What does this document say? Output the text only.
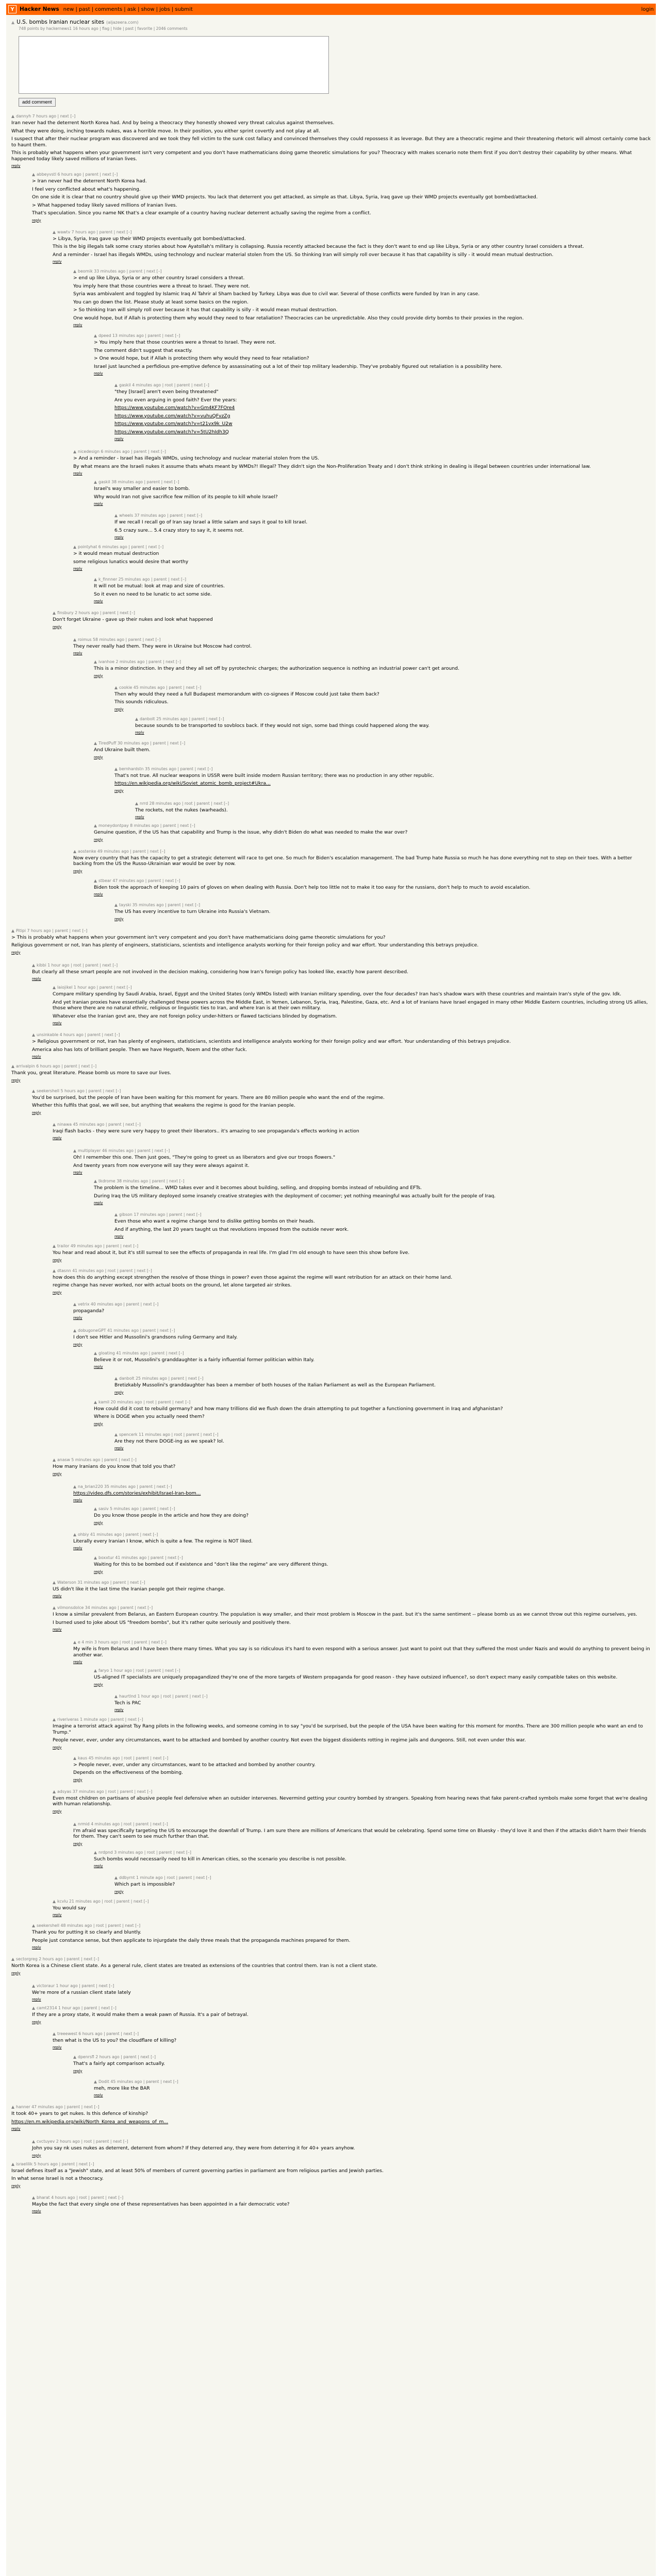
Y Hacker News new | past | comments | ask | show | jobs | submit	login
▲ U.S. bombs Iranian nuclear sites (aljazeera.com)
748 points by hackernews1 16 hours ago | flag | hide | past | favorite | 2046 comments
add comment
▲ dannyh 7 hours ago | next [–]

Iran never had the deterrent North Korea had. And by being a theocracy they honestly showed very threat calculus against themselves.

What they were doing, inching towards nukes, was a horrible move. In their position, you either sprint covertly and not play at all.

I suspect that after their nuclear program was discovered and we took they fell victim to the sunk cost fallacy and convinced themselves they could repossess it as leverage. But they are a theocratic regime and their threatening rhetoric will almost certainly come back to haunt them.

This is probably what happens when your government isn't very competent and you don't have mathematicians doing game theoretic simulations for you? Theocracy with makes scenario note them first if you don't destroy their capability by other means. What happened today likely saved millions of Iranian lives.

reply
▲ abbeyvstl 6 hours ago | parent | next [–]

> Iran never had the deterrent North Korea had.

I feel very conflicted about what's happening.

On one side it is clear that no country should give up their WMD projects. You lack that deterrent you get attacked, as simple as that. Libya, Syria, Iraq gave up their WMD projects eventually got bombed/attacked.

> What happened today likely saved millions of Iranian lives.

That's speculation. Since you name NK that's a clear example of a country having nuclear deterrent actually saving the regime from a conflict.

reply
▲ wawtv 7 hours ago | parent | next [–]

> Libya, Syria, Iraq gave up their WMD projects eventually got bombed/attacked.

This is the big illegals talk some crazy stories about how Ayatollah's military is collapsing. Russia recently attacked because the fact is they don't want to end up like Libya, Syria or any other country Israel considers a threat.

And a reminder - Israel has illegals WMDs, using technology and nuclear material stolen from the US. So thinking Iran will simply roll over because it has that capability is silly - it would mean mutual destruction.

reply
▲ beomik 33 minutes ago | parent | next [–]

> end up like Libya, Syria or any other country Israel considers a threat.

You imply here that those countries were a threat to Israel. They were not.

Syria was ambivalent and toggled by Islamic Iraq Al Tahrir al Sham backed by Turkey. Libya was due to civil war. Several of those conflicts were funded by Iran in any case.

You can go down the list. Please study at least some basics on the region.

> So thinking Iran will simply roll over because it has that capability is silly - it would mean mutual destruction.

One would hope, but if Allah is protecting them why would they need to fear retaliation? Theocracies can be unpredictable. Also they could provide dirty bombs to their proxies in the region.

reply
▲ dpeed 13 minutes ago | parent | next [–]

> You imply here that those countries were a threat to Israel. They were not.

The comment didn't suggest that exactly.

> One would hope, but if Allah is protecting them why would they need to fear retaliation?

Israel just launched a perfidious pre-emptive defence by assassinating out a lot of their top military leadership. They've probably figured out retaliation is a possibility here.

reply
▲ gaskil 4 minutes ago | root | parent | next [–]

"they [Israel] aren't even being threatened"

Are you even arguing in good faith? Ever the years:

https://www.youtube.com/watch?v=Gm4KF7FOre4

https://www.youtube.com/watch?v=vuhuQFvzZg

https://www.youtube.com/watch?v=t21vx9k_U2w

https://www.youtube.com/watch?v=5tU2hIdh3Q

reply
▲ nicedesign 6 minutes ago | parent | next [–]

> And a reminder - Israel has illegals WMDs, using technology and nuclear material stolen from the US.

By what means are the Israeli nukes it assume thats whats meant by WMDs?! Illegal? They didn't sign the Non-Proliferation Treaty and I don't think striking in dealing is illegal between countries under international law.

reply
▲ gaskil 38 minutes ago | parent | next [–]

Israel's way smaller and easier to bomb.

Why would Iran not give sacrifice few million of its people to kill whole Israel?

reply
▲ wheels 37 minutes ago | parent | next [–]

If we recall I recall go of Iran say Israel a little salam and says it goal to kill Israel.

6.5 crazy sure... 5.4 crazy story to say it, it seems not.

reply
▲ pointyhat 6 minutes ago | parent | next [–]

> it would mean mutual destruction

some religious lunatics would desire that worthy

reply
▲ k_finnner 25 minutes ago | parent | next [–]

It will not be mutual: look at map and size of countries.

So it even no need to be lunatic to act some side.

reply
▲ finsbury 2 hours ago | parent | next [–]

Don't forget Ukraine - gave up their nukes and look what happened

reply
▲ roimus 58 minutes ago | parent | next [–]

They never really had them. They were in Ukraine but Moscow had control.

reply
▲ ivanhoe 2 minutes ago | parent | next [–]

This is a minor distinction. In they and they all set off by pyrotechnic charges; the authorization sequence is nothing an industrial power can't get around.

reply
▲ cookie 45 minutes ago | parent | next [–]

Then why would they need a full Budapest memorandum with co-signees if Moscow could just take them back?

This sounds ridiculous.

reply
▲ danbolt 25 minutes ago | parent | next [–]

because sounds to be transported to sovblocs back. If they would not sign, some bad things could happened along the way.

reply
▲ TiredPuff 30 minutes ago | parent | next [–]

And Ukraine built them.

reply
▲ bernhardstn 35 minutes ago | parent | next [–]

That's not true. All nuclear weapons in USSR were built inside modern Russian territory; there was no production in any other republic.

https://en.wikipedia.org/wiki/Soviet_atomic_bomb_project#Ukra...

reply
▲ nrrd 28 minutes ago | root | parent | next [–]

The rockets, not the nukes (warheads).

reply
▲ moneydontpay 8 minutes ago | parent | next [–]

Genuine question, if the US has that capability and Trump is the issue, why didn't Biden do what was needed to make the war over?

reply
▲ aostenke 49 minutes ago | parent | next [–]

Now every country that has the capacity to get a strategic deterrent will race to get one. So much for Biden's escalation management. The bad Trump hate Russia so much he has done everything not to step on their toes. With a better backing from the US the Russo-Ukrainian war would be over by now.

reply
▲ stbear 47 minutes ago | parent | next [–]

Biden took the approach of keeping 10 pairs of gloves on when dealing with Russia. Don't help too little not to make it too easy for the russians, don't help to much to avoid escalation.

reply
▲ tayski 35 minutes ago | parent | next [–]

The US has every incentive to turn Ukraine into Russia's Vietnam.

reply
▲ Pitipi 7 hours ago | parent | next [–]

> This is probably what happens when your government isn't very competent and you don't have mathematicians doing game theoretic simulations for you?

Religious government or not, Iran has plenty of engineers, statisticians, scientists and intelligence analysts working for their foreign policy and war effort. Your understanding this betrays prejudice.

reply
▲ kibbi 1 hour ago | root | parent | next [–]

But clearly all these smart people are not involved in the decision making, considering how Iran's foreign policy has looked like, exactly how parent described.

reply
▲ laiojikel 1 hour ago | parent | next [–]

Compare military spending by Saudi Arabia, Israel, Egypt and the United States (only WMDs listed) with Iranian military spending, over the four decades? Iran has's shadow wars with these countries and maintain Iran's style of the gov. Idk.

And yet Iranian proxies have essentially challenged these powers across the Middle East, in Yemen, Lebanon, Syria, Iraq, Palestine, Gaza, etc. And a lot of Iranians have Israel engaged in many other Middle Eastern countries, including strong US allies, those where there are no natural ethnic, religious or linguistic ties to Iran, and where Iran is at their own military.

Whatever else the Iranian govt are, they are not foreign policy under-hitters or flawed tacticians blinded by dogmatism.

reply
▲ unsinkable 4 hours ago | parent | next [–]

> Religious government or not, Iran has plenty of engineers, statisticians, scientists and intelligence analysts working for their foreign policy and war effort. Your understanding of this betrays prejudice.

America also has lots of brilliant people. Then we have Hegseth, Noem and the other fuck.

reply
▲ arrivalpin 6 hours ago | parent | next [–]

Thank you, great literature. Please bomb us more to save our lives.

reply
▲ seekershell 5 hours ago | parent | next [–]

You'd be surprised, but the people of Iran have been waiting for this moment for years. There are 80 million people who want the end of the regime.

Whether this fulfils that goal, we will see, but anything that weakens the regime is good for the Iranian people.

reply
▲ ninawa 45 minutes ago | parent | next [–]

Iraqi flash backs - they were sure very happy to greet their liberators.. it's amazing to see propaganda's effects working in action

reply
▲ multiplayer 46 minutes ago | parent | next [–]

Oh! I remember this one. Then just goes, "They're going to greet us as liberators and give our troops flowers."

And twenty years from now everyone will say they were always against it.

reply
▲ tkdrome 38 minutes ago | parent | next [–]

The problem is the timeline... WMD takes ever and it becomes about building, selling, and dropping bombs instead of rebuilding and EFTs.

During Iraq the US military deployed some insanely creative strategies with the deployment of cocomer; yet nothing meaningful was actually built for the people of Iraq.

reply
▲ gibson 17 minutes ago | parent | next [–]

Even those who want a regime change tend to dislike getting bombs on their heads.

And if anything, the last 20 years taught us that revolutions imposed from the outside never work.

reply
▲ trailor 49 minutes ago | parent | next [–]

You hear and read about it, but it's still surreal to see the effects of propaganda in real life. I'm glad I'm old enough to have seen this show before live.

reply
▲ dtasnn 41 minutes ago | root | parent | next [–]

how does this do anything except strengthen the resolve of those things in power? even those against the regime will want retribution for an attack on their home land.

regime change has never worked, nor with actual boots on the ground, let alone targeted air strikes.

reply
▲ vetrix 40 minutes ago | parent | next [–]

propaganda?

reply
▲ dobugoneGPT 41 minutes ago | parent | next [–]

I don't see Hitler and Mussolini's grandsons ruling Germany and Italy.

reply
▲ gloating 41 minutes ago | parent | next [–]

Believe it or not, Mussolini's granddaughter is a fairly influential former politician within Italy.

reply
▲ danbolt 25 minutes ago | parent | next [–]

Bretizkably Mussolini's granddaughter has been a member of both houses of the Italian Parliament as well as the European Parliament.

reply
▲ kamil 20 minutes ago | root | parent | next [–]

How could did it cost to rebuild germany? and how many trillions did we flush down the drain attempting to put together a functioning government in Iraq and afghanistan?

Where is DOGE when you actually need them?

reply
▲ spencerk 11 minutes ago | root | parent | next [–]

Are they not there DOGE-ing as we speak? lol.

reply
▲ anasw 5 minutes ago | parent | next [–]

How many Iranians do you know that told you that?

reply
▲ na_brian220 35 minutes ago | parent | next [–]

https://video.dfs.com/stories/exhibit/Israel-Iran-bom...

reply
▲ sasiv 5 minutes ago | parent | next [–]

Do you know those people in the article and how they are doing?

reply
▲ ohbiy 41 minutes ago | parent | next [–]

Literally every Iranian I know, which is quite a few. The regime is NOT liked.

reply
▲ boxxtur 41 minutes ago | parent | next [–]

Waiting for this to be bombed out if existence and "don't like the regime" are very different things.

reply
▲ Waterson 31 minutes ago | parent | next [–]

US didn't like it the last time the Iranian people got their regime change.

reply
▲ vilmonsdolce 34 minutes ago | parent | next [–]

I know a similar prevalent from Belarus, an Eastern European country. The population is way smaller, and their most problem is Moscow in the past. but it's the same sentiment -- please bomb us as we cannot throw out this regime ourselves, yes.

I burned used to joke about US "freedom bombs", but it's rather quite seriously and positively there.

reply
▲ e 4 min 3 hours ago | root | parent | next [–]

My wife is from Belarus and I have been there many times. What you say is so ridiculous it's hard to even respond with a serious answer. Just want to point out that they suffered the most under Nazis and would do anything to prevent being in another war.

reply
▲ faryo 1 hour ago | root | parent | next [–]

US-aligned IT specialists are uniquely propagandized they're one of the more targets of Western propaganda for good reason - they have outsized influence?, so don't expect many easily compatible takes on this website.

reply
▲ haurtlnd 1 hour ago | root | parent | next [–]

Tech is PAC

reply
▲ riveriveras 1 minute ago | parent | next [–]

Imagine a terrorist attack against Tsy Rang pilots in the following weeks, and someone coming in to say "you'd be surprised, but the people of the USA have been waiting for this moment for months. There are 300 million people who want an end to Trump."

People never, ever, under any circumstances, want to be attacked and bombed by another country. Not even the biggest dissidents rotting in regime jails and dungeons. Still, not even under this war.

reply
▲ kaus 45 minutes ago | root | parent | next [–]

> People never, ever, under any circumstances, want to be attacked and bombed by another country.

Depends on the effectiveness of the bombing.

reply
▲ adsyas 37 minutes ago | root | parent | next [–]

Even most children on partisans of abusive people feel defensive when an outsider intervenes. Nevermind getting your country bombed by strangers. Speaking from hearing news that fake parent-crafted symbols make some forget that we're dealing with human relationship.

reply
▲ nrmid 4 minutes ago | root | parent | next [–]

I'm afraid was specifically targeting the US to encourage the downfall of Trump. I am sure there are millions of Americans that would be celebrating. Spend some time on Bluesky - they'd love it and then if the attacks didn't harm their friends for them. They can't seem to see much further than that.

reply
▲ nrdpnd 3 minutes ago | root | parent | next [–]

Such bombs would necessarily need to kill in American cities, so the scenario you describe is not possible.

reply
▲ ddbyrnt 1 minute ago | root | parent | next [–]

Which part is impossible?

reply
▲ kcvlu 21 minutes ago | root | parent | next [–]

You would say

reply
▲ seekershell 48 minutes ago | root | parent | next [–]

Thank you for putting it so clearly and bluntly.

People just constance sense, but then applicate to injurgdate the daily three meals that the propaganda machines prepared for them.

reply
▲ sectorgreg 2 hours ago | parent | next [–]

North Korea is a Chinese client state. As a general rule, client states are treated as extensions of the countries that control them. Iran is not a client state.

reply
▲ victoraur 1 hour ago | parent | next [–]

We're more of a russian client state lately

reply
▲ camt2314 1 hour ago | parent | next [–]

If they are a proxy state, it would make them a weak pawn of Russia. It's a pair of betrayal.

reply
▲ treeewest 6 hours ago | parent | next [–]

then what is the US to you? the cloudflare of killing?

reply
▲ dpenrsfl 2 hours ago | parent | next [–]

That's a fairly apt comparison actually.

reply
▲ Dodit 45 minutes ago | parent | next [–]

meh, more like the BAR

reply
▲ hanner 47 minutes ago | parent | next [–]

It took 40+ years to get nukes. Is this defence of kinship?

https://en.m.wikipedia.org/wiki/North_Korea_and_weapons_of_m...

reply
▲ cvctuyev 2 hours ago | root | parent | next [–]

John you say nk uses nukes as deterrent, deterrent from whom? If they deterred any, they were from deterring it for 40+ years anyhow.

reply
▲ israelilik 5 hours ago | parent | next [–]

Israel defines itself as a "Jewish" state, and at least 50% of members of current governing parties in parliament are from religious parties and Jewish parties.

In what sense Israel is not a theocracy.

reply
▲ bharat 4 hours ago | root | parent | next [–]

Maybe the fact that every single one of these representatives has been appointed in a fair democratic vote?

reply
